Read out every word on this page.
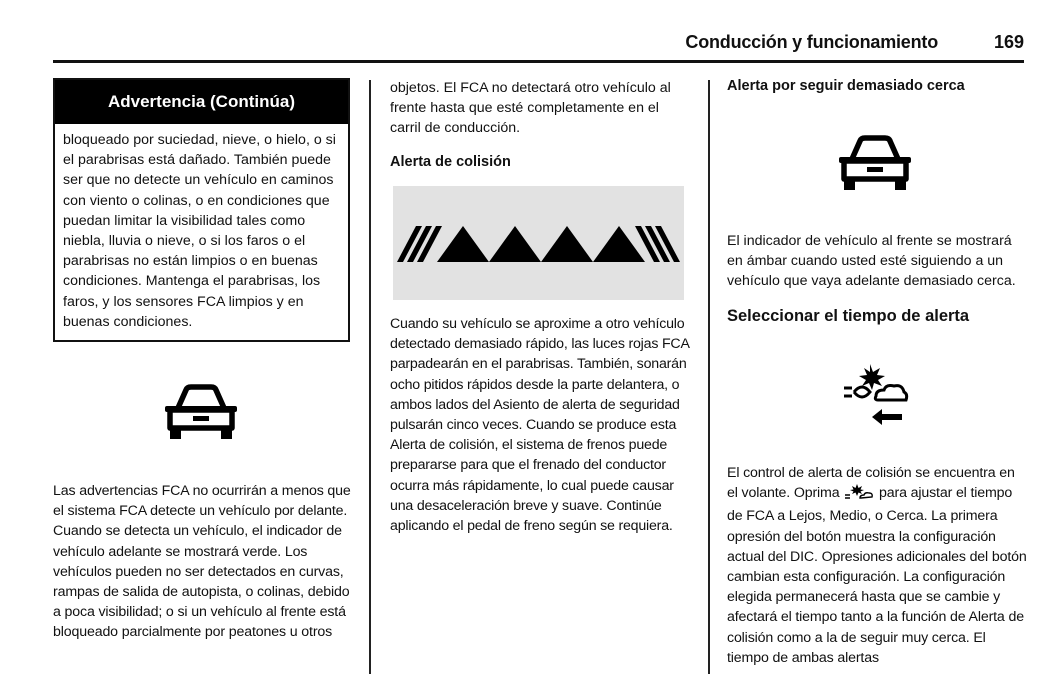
Conducción y funcionamiento	169
Advertencia (Continúa)

bloqueado por suciedad, nieve, o hielo, o si el parabrisas está dañado. También puede ser que no detecte un vehículo en caminos con viento o colinas, o en condiciones que puedan limitar la visibilidad tales como niebla, lluvia o nieve, o si los faros o el parabrisas no están limpios o en buenas condiciones. Mantenga el parabrisas, los faros, y los sensores FCA limpios y en buenas condiciones.

Las advertencias FCA no ocurrirán a menos que el sistema FCA detecte un vehículo por delante. Cuando se detecta un vehículo, el indicador de vehículo adelante se mostrará verde. Los vehículos pueden no ser detectados en curvas, rampas de salida de autopista, o colinas, debido a poca visibilidad; o si un vehículo al frente está bloqueado parcialmente por peatones u otros

objetos. El FCA no detectará otro vehículo al frente hasta que esté completamente en el carril de conducción.

Alerta de colisión

Cuando su vehículo se aproxime a otro vehículo detectado demasiado rápido, las luces rojas FCA parpadearán en el parabrisas. También, sonarán ocho pitidos rápidos desde la parte delantera, o ambos lados del Asiento de alerta de seguridad pulsarán cinco veces. Cuando se produce esta Alerta de colisión, el sistema de frenos puede prepararse para que el frenado del conductor ocurra más rápidamente, lo cual puede causar una desaceleración breve y suave. Continúe aplicando el pedal de freno según se requiera.

Alerta por seguir demasiado cerca

El indicador de vehículo al frente se mostrará en ámbar cuando usted esté siguiendo a un vehículo que vaya adelante demasiado cerca.

Seleccionar el tiempo de alerta

El control de alerta de colisión se encuentra en el volante. Oprima	para ajustar el tiempo de FCA a Lejos, Medio, o Cerca. La primera opresión del botón muestra la configuración actual del DIC. Opresiones adicionales del botón cambian esta configuración. La configuración elegida permanecerá hasta que se cambie y afectará el tiempo tanto a la función de Alerta de colisión como a la de seguir muy cerca. El tiempo de ambas alertas
